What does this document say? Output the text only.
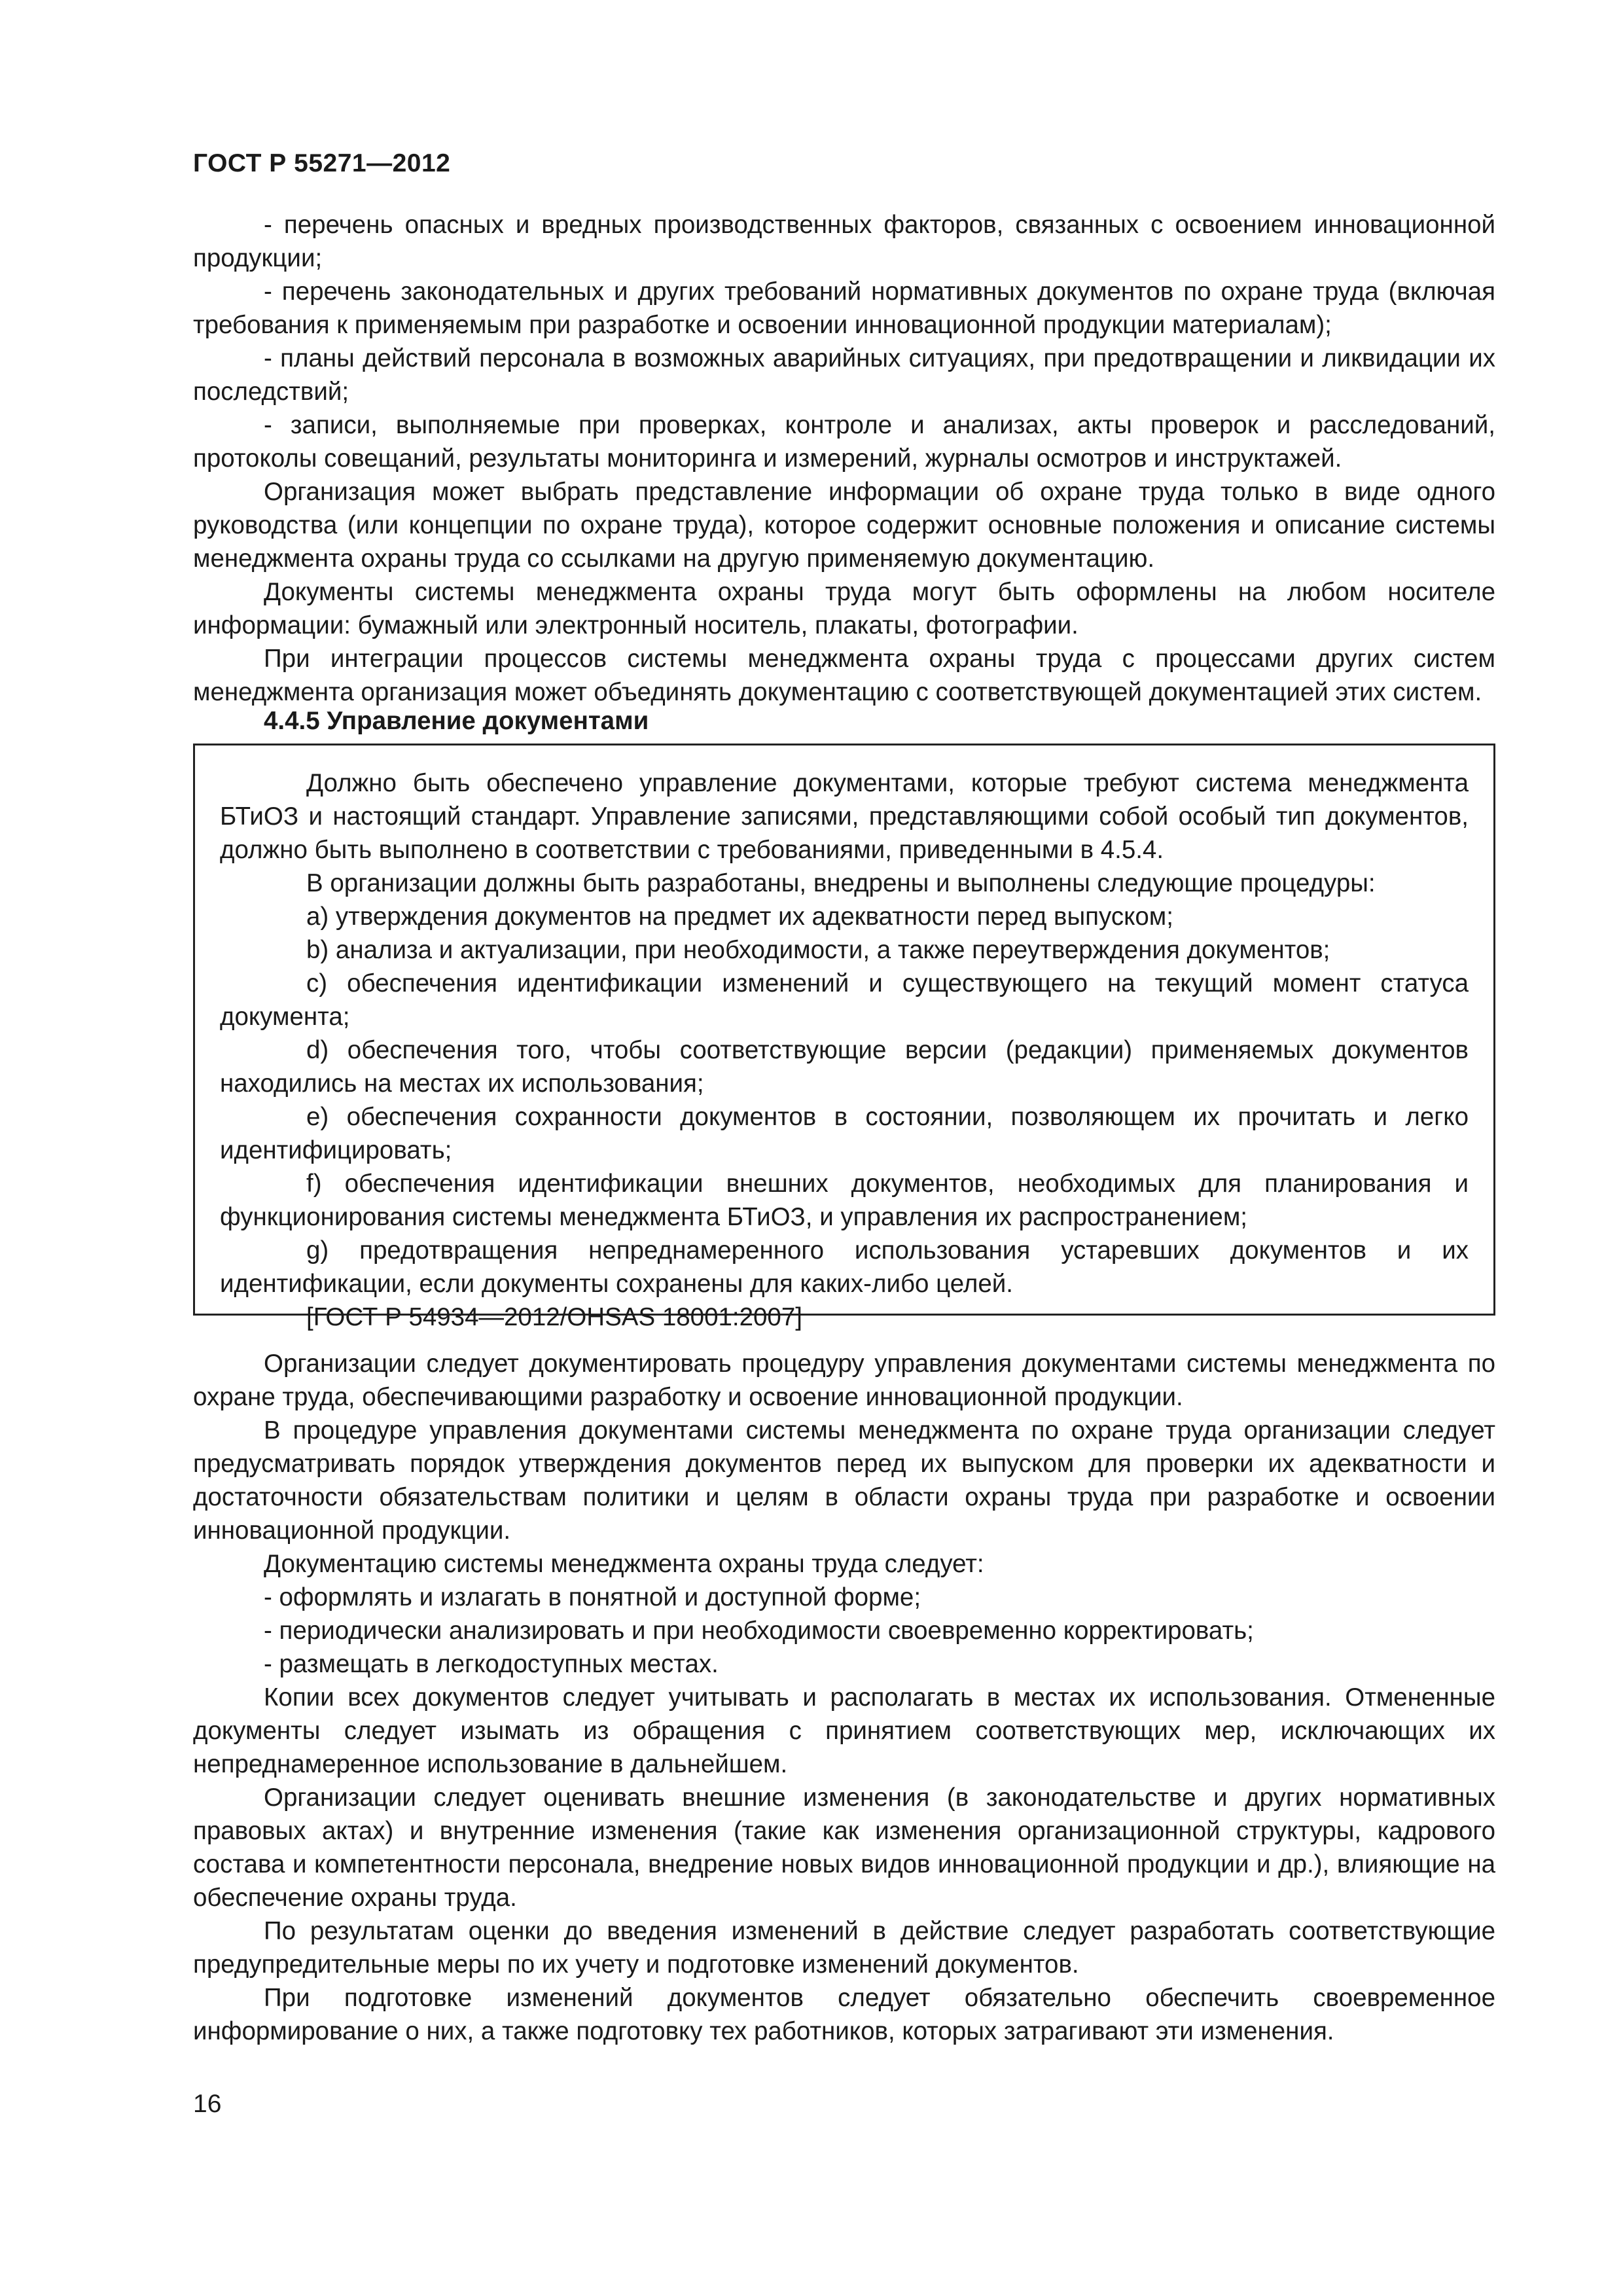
ГОСТ Р 55271—2012

- перечень опасных и вредных производственных факторов, связанных с освоением инновационной продукции;

- перечень законодательных и других требований нормативных документов по охране труда (включая требования к применяемым при разработке и освоении инновационной продукции материалам);

- планы действий персонала в возможных аварийных ситуациях, при предотвращении и ликвидации их последствий;

- записи, выполняемые при проверках, контроле и анализах, акты проверок и расследований, протоколы совещаний, результаты мониторинга и измерений, журналы осмотров и инструктажей.

Организация может выбрать представление информации об охране труда только в виде одного руководства (или концепции по охране труда), которое содержит основные положения и описание системы менеджмента охраны труда со ссылками на другую применяемую документацию.

Документы системы менеджмента охраны труда могут быть оформлены на любом носителе информации: бумажный или электронный носитель, плакаты, фотографии.

При интеграции процессов системы менеджмента охраны труда с процессами других систем менеджмента организация может объединять документацию с соответствующей документацией этих систем.

4.4.5 Управление документами

Должно быть обеспечено управление документами, которые требуют система менеджмента БТиОЗ и настоящий стандарт. Управление записями, представляющими собой особый тип документов, должно быть выполнено в соответствии с требованиями, приведенными в 4.5.4.

В организации должны быть разработаны, внедрены и выполнены следующие процедуры:

a) утверждения документов на предмет их адекватности перед выпуском;

b) анализа и актуализации, при необходимости, а также переутверждения документов;

c) обеспечения идентификации изменений и существующего на текущий момент статуса документа;

d) обеспечения того, чтобы соответствующие версии (редакции) применяемых документов находились на местах их использования;

e) обеспечения сохранности документов в состоянии, позволяющем их прочитать и легко идентифицировать;

f) обеспечения идентификации внешних документов, необходимых для планирования и функционирования системы менеджмента БТиОЗ, и управления их распространением;

g) предотвращения непреднамеренного использования устаревших документов и их идентификации, если документы сохранены для каких-либо целей.

[ГОСТ Р 54934—2012/OHSAS 18001:2007]

Организации следует документировать процедуру управления документами системы менеджмента по охране труда, обеспечивающими разработку и освоение инновационной продукции.

В процедуре управления документами системы менеджмента по охране труда организации следует предусматривать порядок утверждения документов перед их выпуском для проверки их адекватности и достаточности обязательствам политики и целям в области охраны труда при разработке и освоении инновационной продукции.

Документацию системы менеджмента охраны труда следует:

- оформлять и излагать в понятной и доступной форме;

- периодически анализировать и при необходимости своевременно корректировать;

- размещать в легкодоступных местах.

Копии всех документов следует учитывать и располагать в местах их использования. Отмененные документы следует изымать из обращения с принятием соответствующих мер, исключающих их непреднамеренное использование в дальнейшем.

Организации следует оценивать внешние изменения (в законодательстве и других нормативных правовых актах) и внутренние изменения (такие как изменения организационной структуры, кадрового состава и компетентности персонала, внедрение новых видов инновационной продукции и др.), влияющие на обеспечение охраны труда.

По результатам оценки до введения изменений в действие следует разработать соответствующие предупредительные меры по их учету и подготовке изменений документов.

При подготовке изменений документов следует обязательно обеспечить своевременное информирование о них, а также подготовку тех работников, которых затрагивают эти изменения.

16
